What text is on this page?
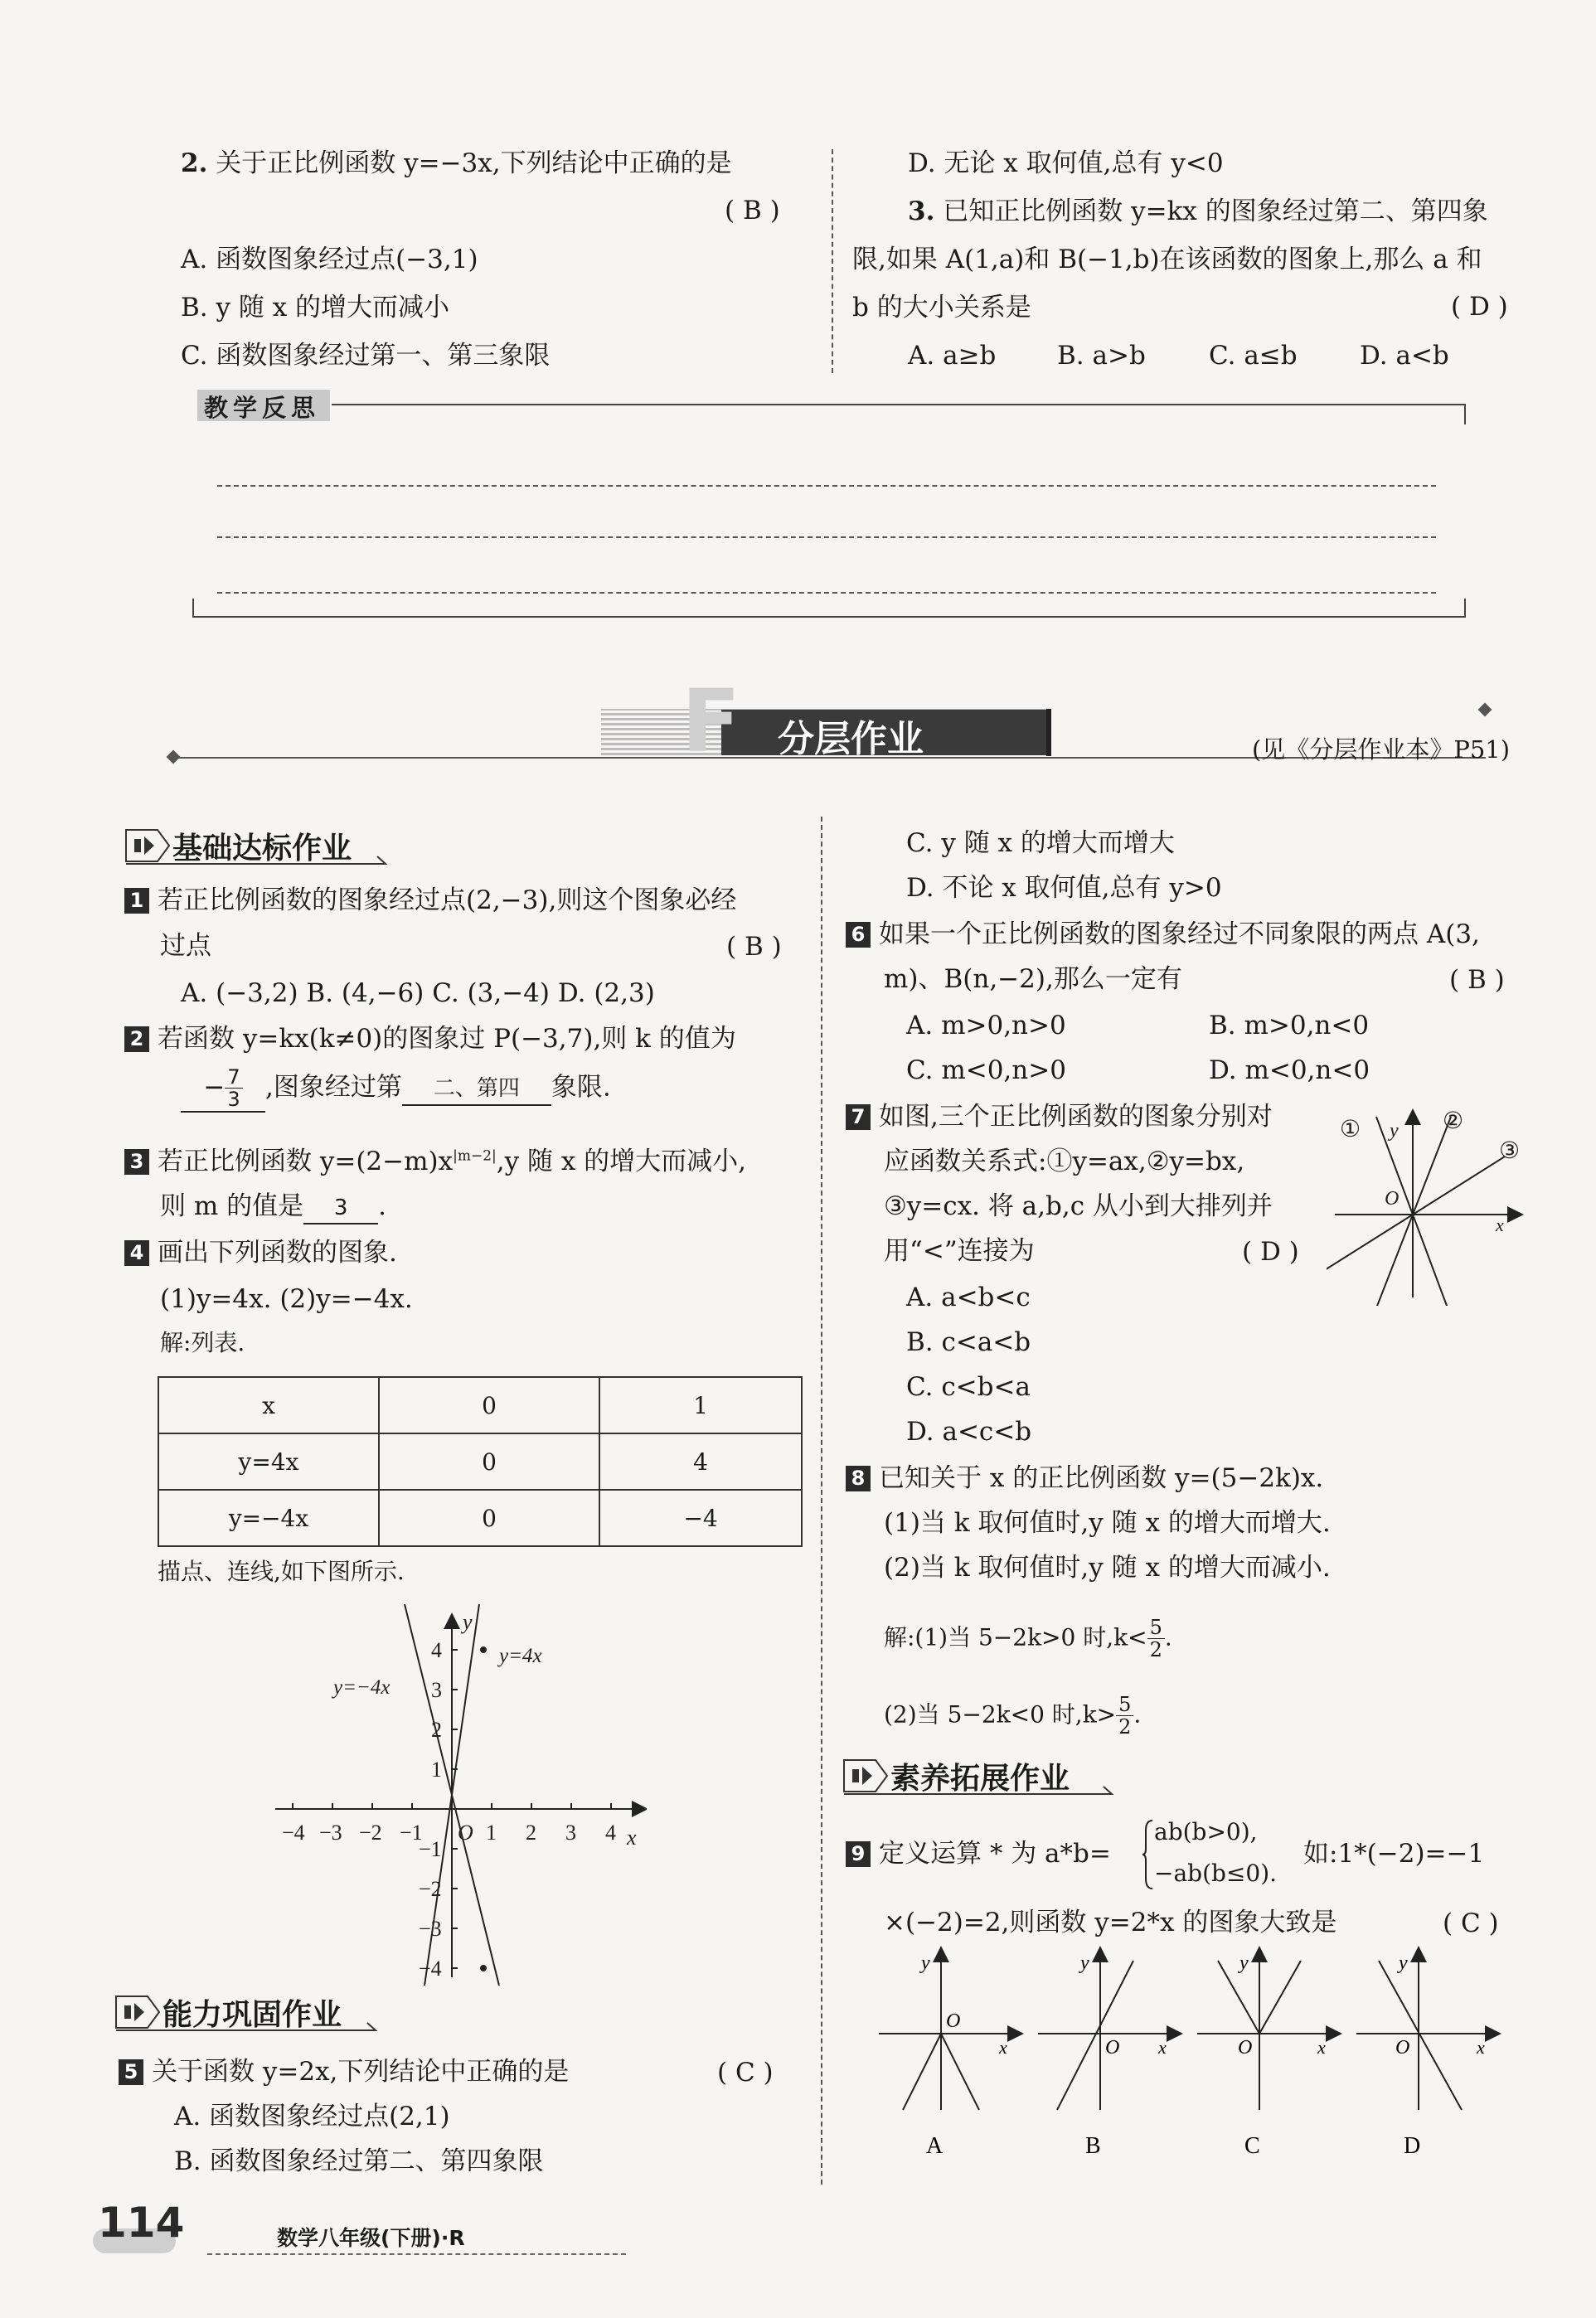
2. 关于正比例函数 y=−3x,下列结论中正确的是
( B )
A. 函数图象经过点(−3,1)
B. y 随 x 的增大而减小
C. 函数图象经过第一、第三象限
D. 无论 x 取何值,总有 y<0
3. 已知正比例函数 y=kx 的图象经过第二、第四象
限,如果 A(1,a)和 B(−1,b)在该函数的图象上,那么 a 和
b 的大小关系是	( D )
A. a≥b B. a>b C. a≤b D. a<b
教学反思
F 分层作业	(见《分层作业本》P51)
基础达标作业
1 若正比例函数的图象经过点(2,−3),则这个图象必经
过点	( B )
A. (−3,2) B. (4,−6) C. (3,−4) D. (2,3)
2 若函数 y=kx(k≠0)的图象过 P(−3,7),则 k 的值为
− $\frac{7}{3}$ ,图象经过第 二、第四 象限.
3 若正比例函数 $y=(2-m)x^{|m-2|},y$ 随 x 的增大而减小,
则 m 的值是 3 .
4 画出下列函数的图象.
(1)y=4x. (2)y=−4x.
解:列表.
x	0	1
y=4x	0	4
y=−4x	0	−4
描点、连线,如下图所示.
−4 −3 −2 −1	1 2 3 4
4
3
2
1
−1
−2
−3
−4
O	x
y
y=4x
y=−4x
能力巩固作业
5 关于函数 y=2x,下列结论中正确的是	( C )
A. 函数图象经过点(2,1)
B. 函数图象经过第二、第四象限
C. y 随 x 的增大而增大
D. 不论 x 取何值,总有 y>0
6 如果一个正比例函数的图象经过不同象限的两点 A(3,
m)、B(n,−2),那么一定有	( B )
A. m>0,n>0	B. m>0,n<0
C. m<0,n>0	D. m<0,n<0
7 如图,三个正比例函数的图象分别对
应函数关系式:①y=ax,②y=bx,
③y=cx. 将 a,b,c 从小到大排列并
用“<”连接为	( D )
A. a<b<c
B. c<a<b
C. c<b<a
D. a<c<b
①	②
③
y
O
x
8 已知关于 x 的正比例函数 y=(5−2k)x.
(1)当 k 取何值时,y 随 x 的增大而增大.
(2)当 k 取何值时,y 随 x 的增大而减小.
解:(1)当 5−2k>0 时$,k< \frac{5}{2}$ .
(2)当 5−2k<0 时$,k> \frac{5}{2}$ .
素养拓展作业
9 定义运算 * 为 a*b=
ab(b>0),
−ab(b≤0).
如:1*(−2)=−1
×(−2)=2,则函数 y=2*x 的图象大致是	( C )
y
O
x
A
y
O x
B
y
O	x
C
y
O	x
D
114	数学八年级(下册)·R
